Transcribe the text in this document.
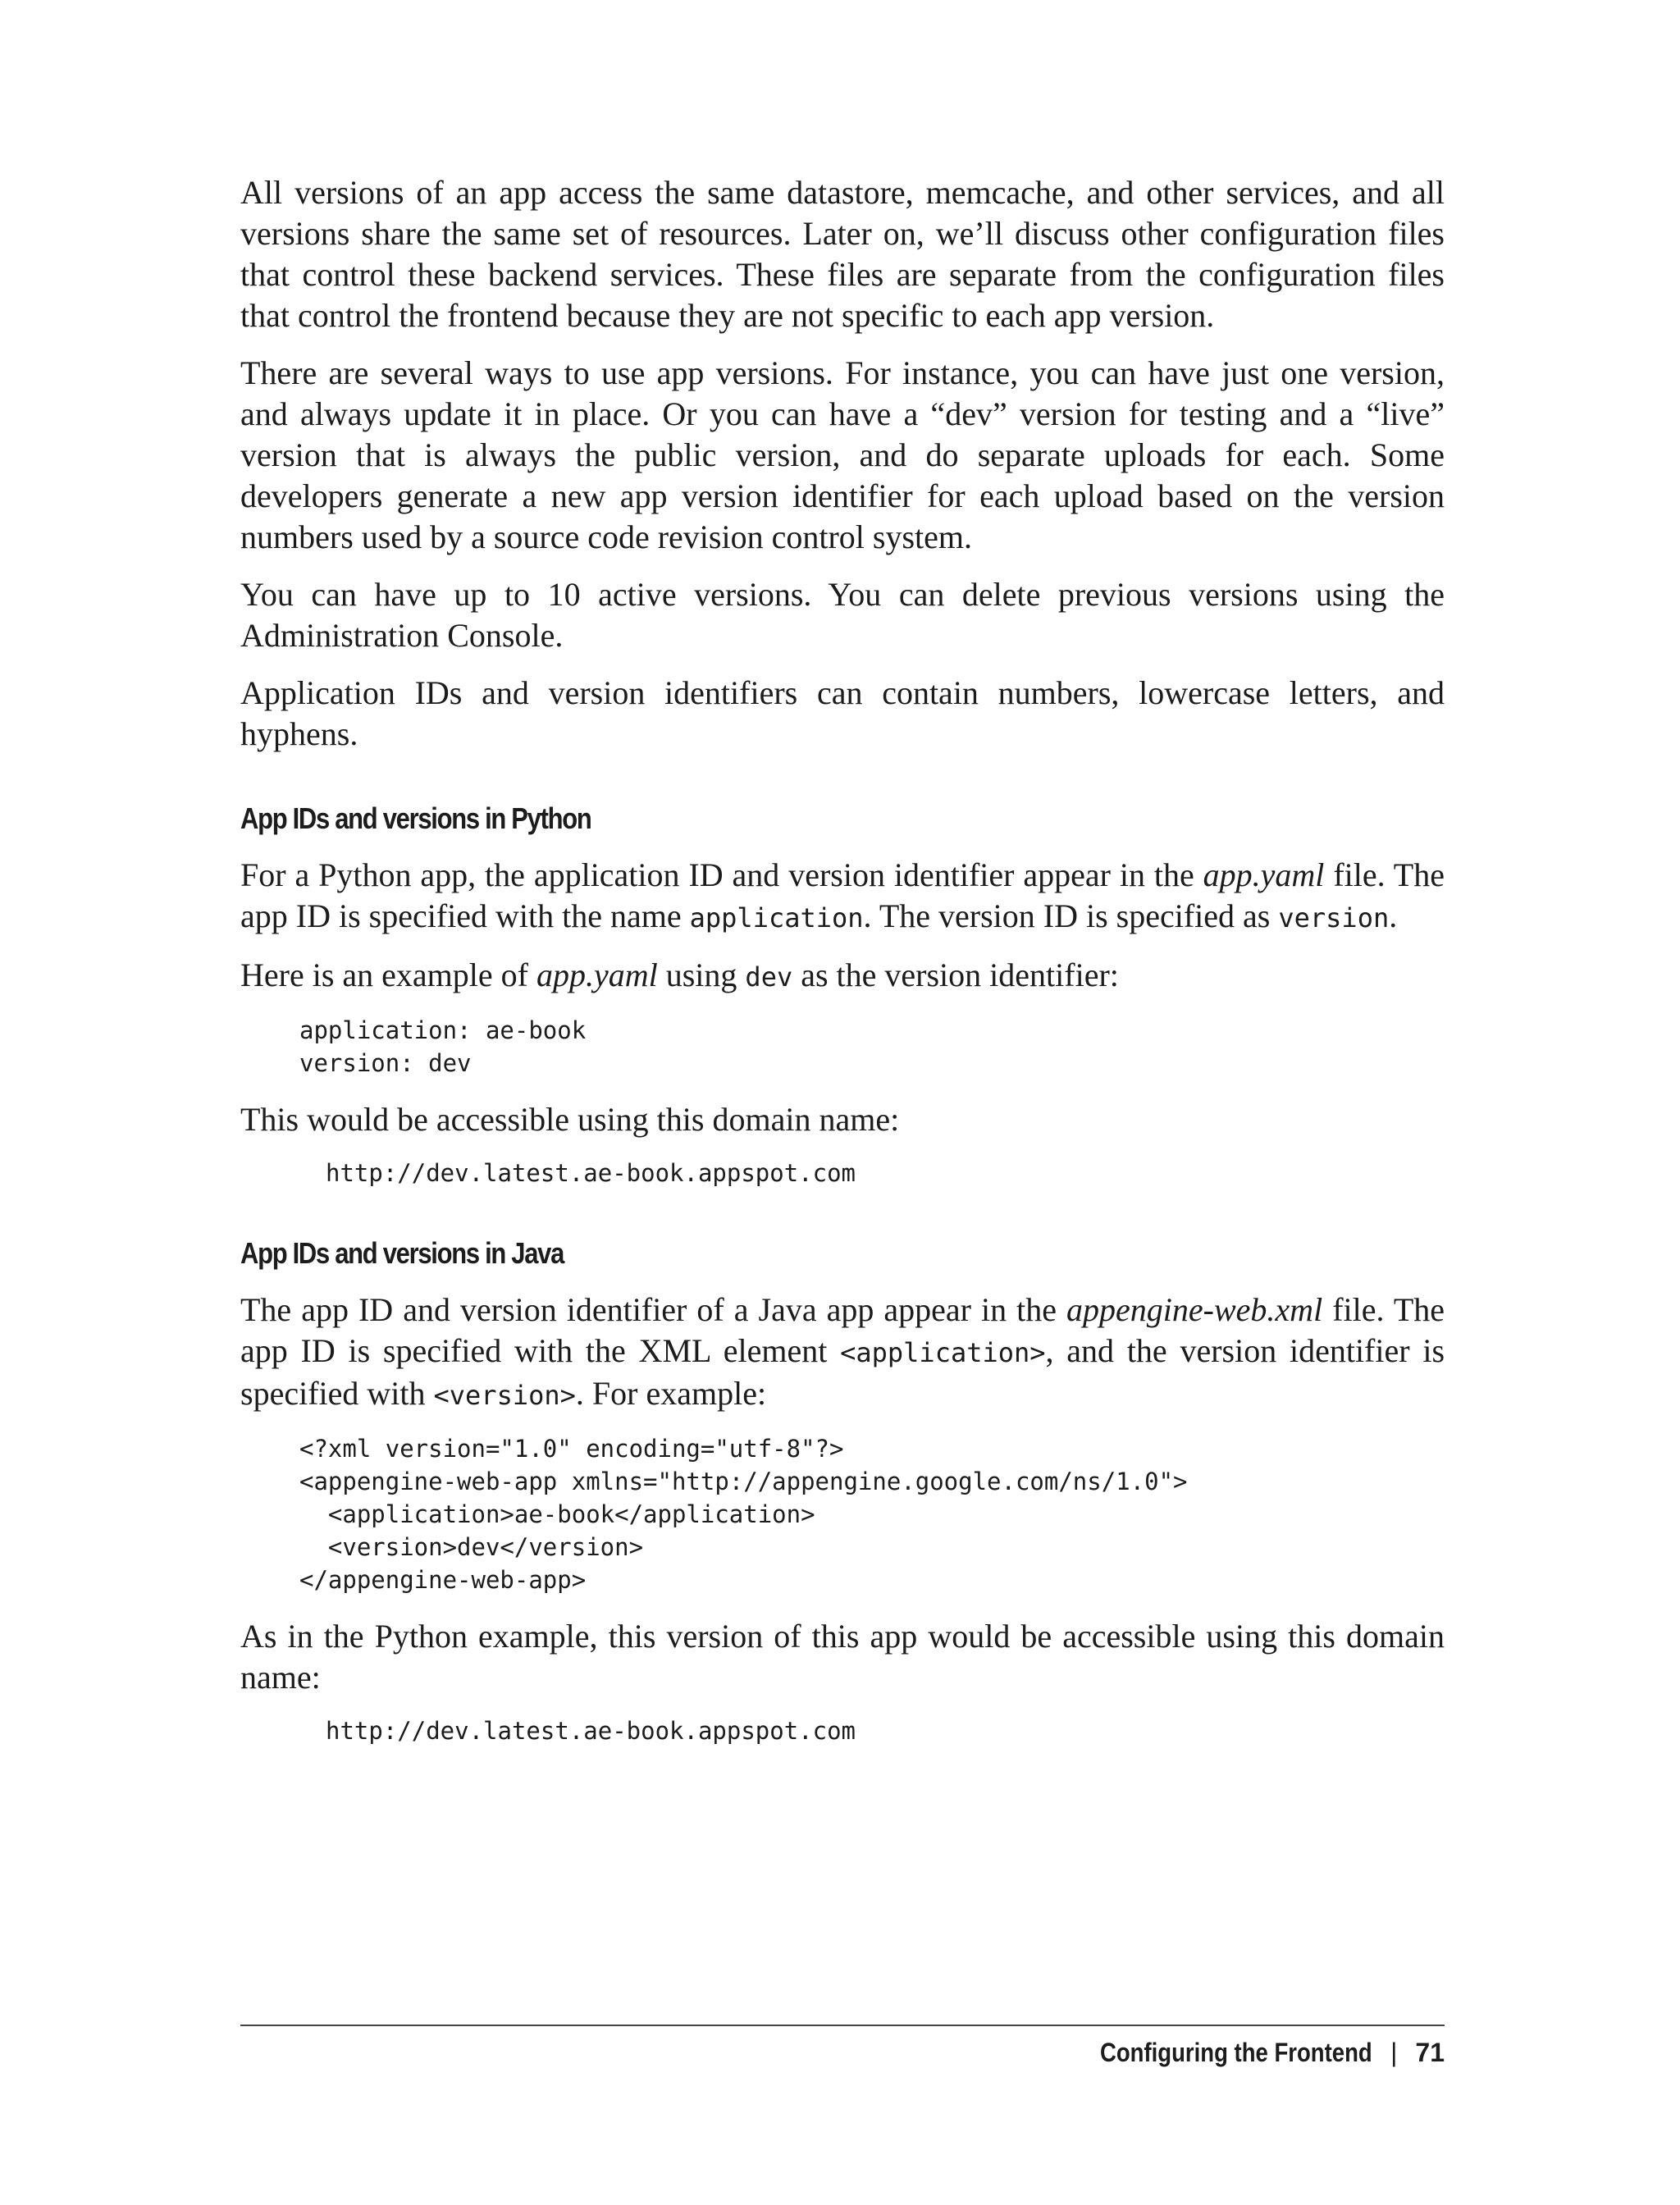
All versions of an app access the same datastore, memcache, and other services, and all versions share the same set of resources. Later on, we’ll discuss other configuration files that control these backend services. These files are separate from the configuration files that control the frontend because they are not specific to each app version.

There are several ways to use app versions. For instance, you can have just one version, and always update it in place. Or you can have a “dev” version for testing and a “live” version that is always the public version, and do separate uploads for each. Some developers generate a new app version identifier for each upload based on the version numbers used by a source code revision control system.

You can have up to 10 active versions. You can delete previous versions using the Administration Console.

Application IDs and version identifiers can contain numbers, lowercase letters, and hyphens.

App IDs and versions in Python

For a Python app, the application ID and version identifier appear in the app.yaml file. The app ID is specified with the name application. The version ID is specified as version.

Here is an example of app.yaml using dev as the version identifier:

application: ae-book
version: dev

This would be accessible using this domain name:

http://dev.latest.ae-book.appspot.com
App IDs and versions in Java

The app ID and version identifier of a Java app appear in the appengine-web.xml file. The app ID is specified with the XML element <application>, and the version identifier is specified with <version>. For example:

<?xml version="1.0" encoding="utf-8"?>
<appengine-web-app xmlns="http://appengine.google.com/ns/1.0">
<application>ae-book</application>
<version>dev</version>
</appengine-web-app>

As in the Python example, this version of this app would be accessible using this domain name:

http://dev.latest.ae-book.appspot.com
Configuring the Frontend | 71
